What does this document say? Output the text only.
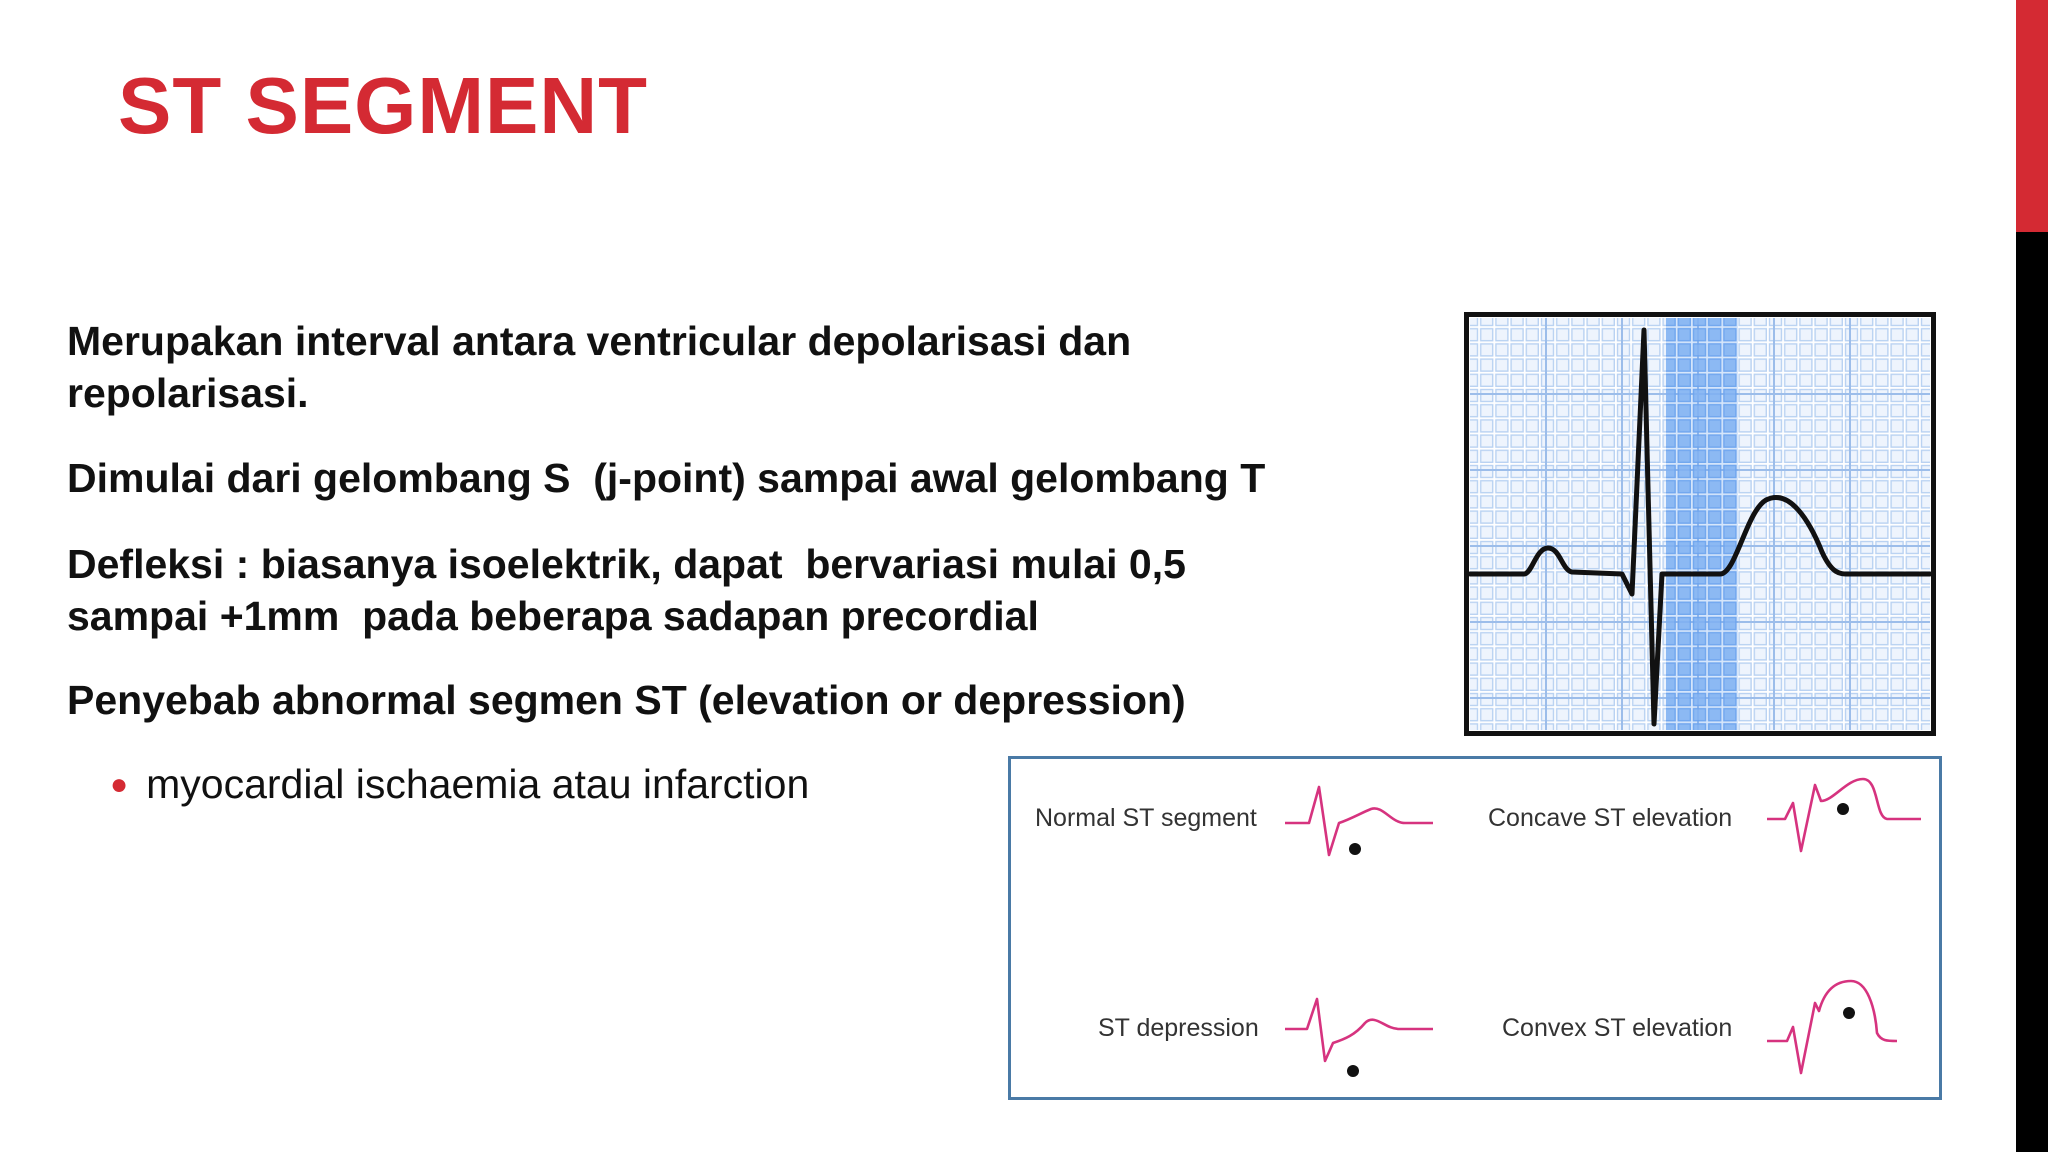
ST SEGMENT

Merupakan interval antara ventricular depolarisasi dan
repolarisasi.

Dimulai dari gelombang S  (j-point) sampai awal gelombang T

Defleksi : biasanya isoelektrik, dapat  bervariasi mulai 0,5
sampai +1mm  pada beberapa sadapan precordial

Penyebab abnormal segmen ST (elevation or depression)

● myocardial ischaemia atau infarction
Normal ST segment	Concave ST elevation
ST depression	Convex ST elevation
